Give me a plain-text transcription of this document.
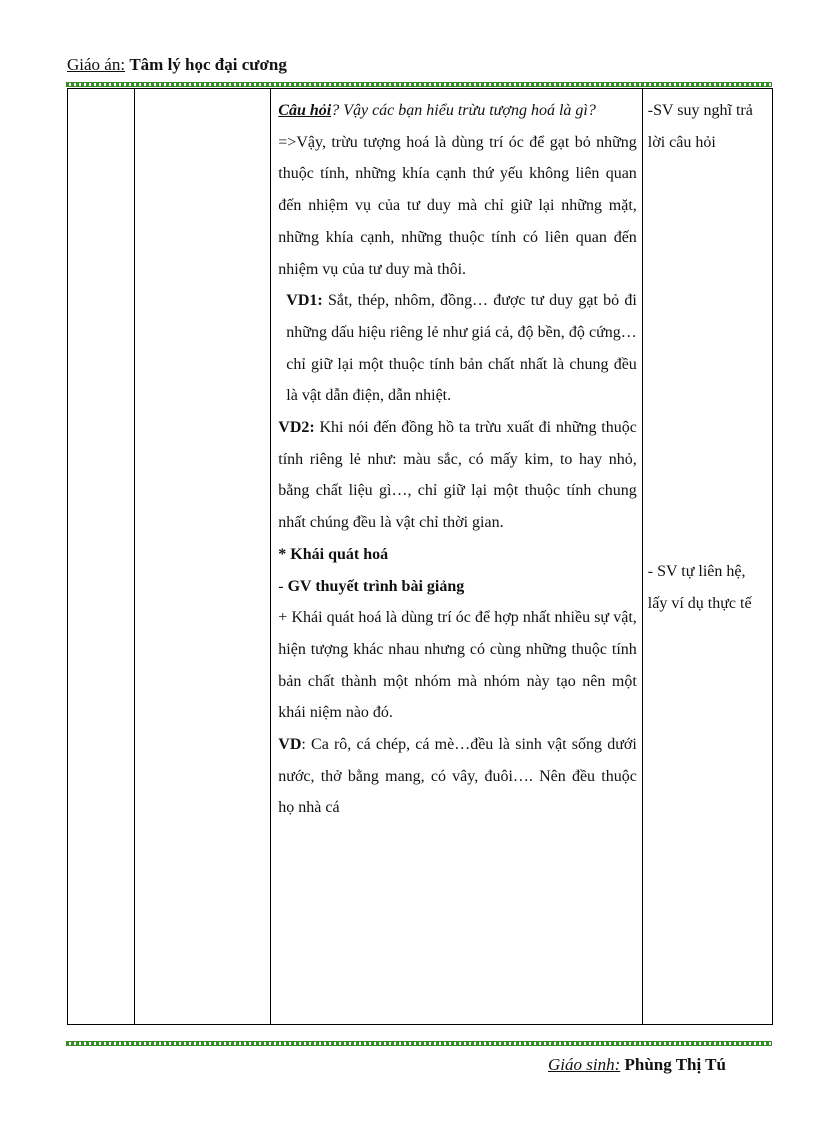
Giáo án: Tâm lý học đại cương

Câu hỏi? Vậy các bạn hiểu trừu tượng hoá là gì?

=>Vậy, trừu tượng hoá là dùng trí óc để gạt bỏ những thuộc tính, những khía cạnh thứ yếu không liên quan đến nhiệm vụ của tư duy mà chỉ giữ lại những mặt, những khía cạnh, những thuộc tính có liên quan đến nhiệm vụ của tư duy mà thôi.

VD1: Sắt, thép, nhôm, đồng… được tư duy gạt bỏ đi những dấu hiệu riêng lẻ như giá cả, độ bền, độ cứng…chỉ giữ lại một thuộc tính bản chất nhất là chung đều là vật dẫn điện, dẫn nhiệt.

VD2: Khi nói đến đồng hồ ta trừu xuất đi những thuộc tính riêng lẻ như: màu sắc, có mấy kim, to hay nhỏ, bằng chất liệu gì…, chỉ giữ lại một thuộc tính chung nhất chúng đều là vật chỉ thời gian.

* Khái quát hoá

- GV thuyết trình bài giảng

+ Khái quát hoá là dùng trí óc để hợp nhất nhiều sự vật, hiện tượng khác nhau nhưng có cùng những thuộc tính bản chất thành một nhóm mà nhóm này tạo nên một khái niệm nào đó.

VD: Ca rô, cá chép, cá mè…đều là sinh vật sống dưới nước, thở bằng mang, có vây, đuôi…. Nên đều thuộc họ nhà cá

-SV suy nghĩ trả lời câu hỏi

- SV tự liên hệ, lấy ví dụ thực tế

Giáo sinh: Phùng Thị Tú
